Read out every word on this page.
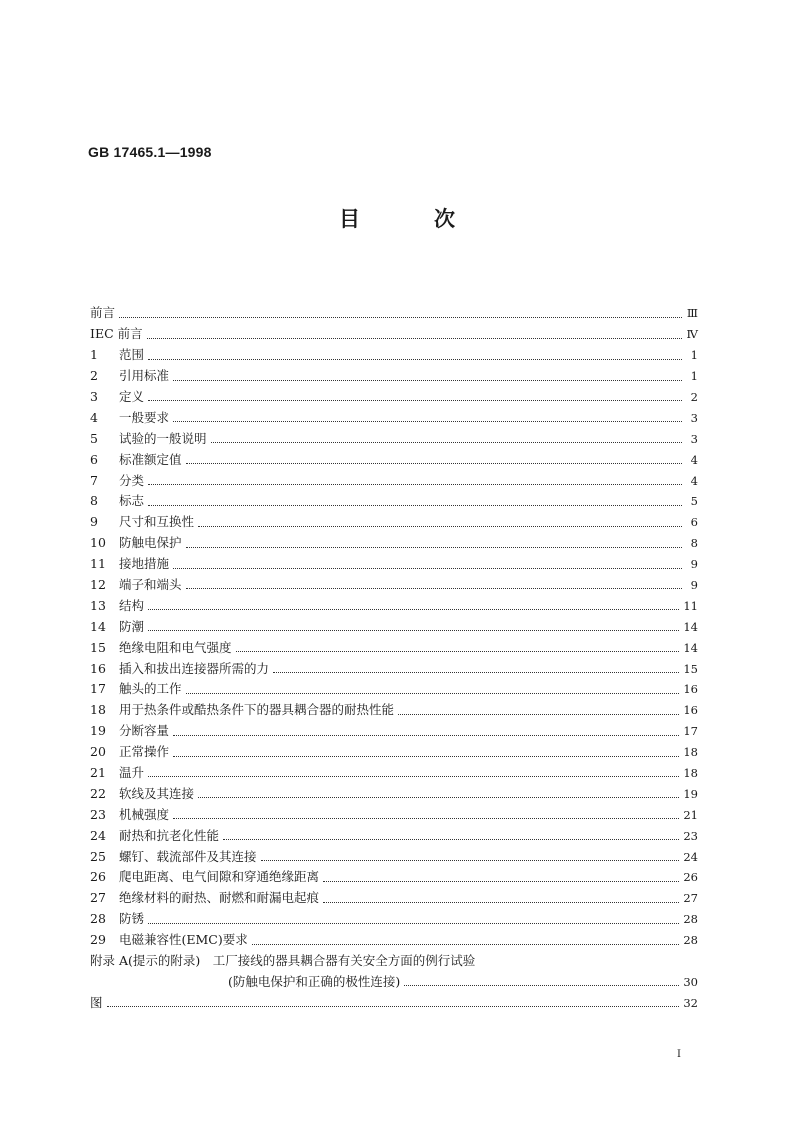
GB 17465.1—1998
目	次
前言	Ⅲ
IEC 前言	Ⅳ
1	范围	1
2	引用标准	1
3	定义	2
4	一般要求	3
5	试验的一般说明	3
6	标准额定值	4
7	分类	4
8	标志	5
9	尺寸和互换性	6
10	防触电保护	8
11	接地措施	9
12	端子和端头	9
13	结构	11
14	防潮	14
15	绝缘电阻和电气强度	14
16	插入和拔出连接器所需的力	15
17	触头的工作	16
18	用于热条件或酷热条件下的器具耦合器的耐热性能	16
19	分断容量	17
20	正常操作	18
21	温升	18
22	软线及其连接	19
23	机械强度	21
24	耐热和抗老化性能	23
25	螺钉、载流部件及其连接	24
26	爬电距离、电气间隙和穿通绝缘距离	26
27	绝缘材料的耐热、耐燃和耐漏电起痕	27
28	防锈	28
29	电磁兼容性(EMC)要求	28
附录 A(提示的附录)　工厂接线的器具耦合器有关安全方面的例行试验
(防触电保护和正确的极性连接)	30
图	32
I
